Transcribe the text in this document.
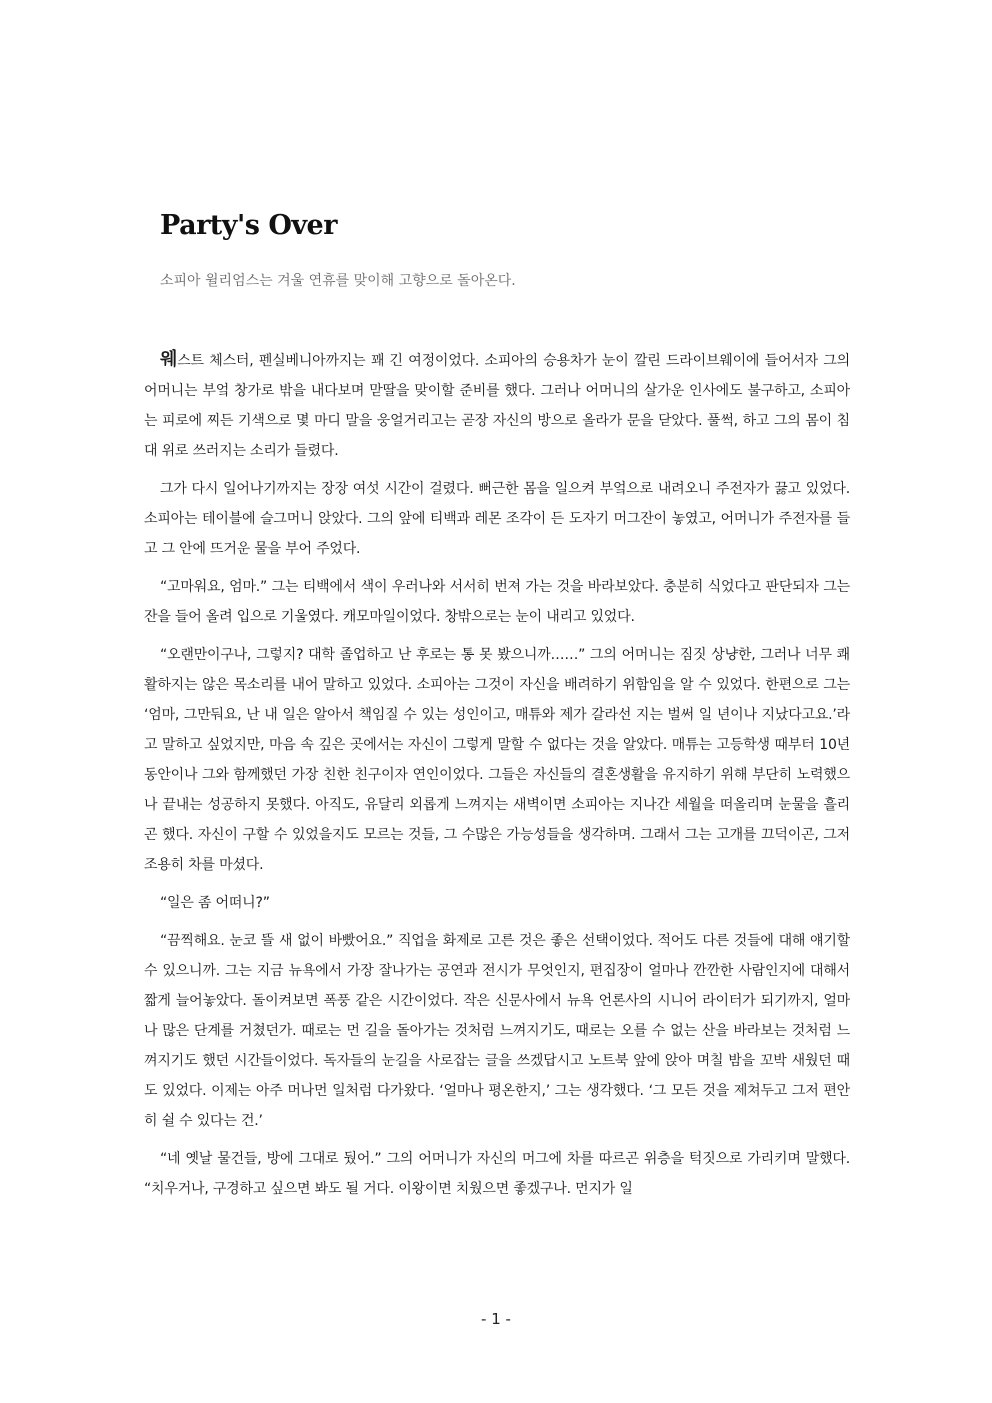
Party's Over

소피아 윌리엄스는 겨울 연휴를 맞이해 고향으로 돌아온다.

웨스트 체스터, 펜실베니아까지는 꽤 긴 여정이었다. 소피아의 승용차가 눈이 깔린 드라이브웨이에 들어서자 그의 어머니는 부엌 창가로 밖을 내다보며 맏딸을 맞이할 준비를 했다. 그러나 어머니의 살가운 인사에도 불구하고, 소피아는 피로에 찌든 기색으로 몇 마디 말을 웅얼거리고는 곧장 자신의 방으로 올라가 문을 닫았다. 풀썩, 하고 그의 몸이 침대 위로 쓰러지는 소리가 들렸다.

그가 다시 일어나기까지는 장장 여섯 시간이 걸렸다. 뻐근한 몸을 일으켜 부엌으로 내려오니 주전자가 끓고 있었다. 소피아는 테이블에 슬그머니 앉았다. 그의 앞에 티백과 레몬 조각이 든 도자기 머그잔이 놓였고, 어머니가 주전자를 들고 그 안에 뜨거운 물을 부어 주었다.

“고마워요, 엄마.” 그는 티백에서 색이 우러나와 서서히 번져 가는 것을 바라보았다. 충분히 식었다고 판단되자 그는 잔을 들어 올려 입으로 기울였다. 캐모마일이었다. 창밖으로는 눈이 내리고 있었다.

“오랜만이구나, 그렇지? 대학 졸업하고 난 후로는 통 못 봤으니까……” 그의 어머니는 짐짓 상냥한, 그러나 너무 쾌활하지는 않은 목소리를 내어 말하고 있었다. 소피아는 그것이 자신을 배려하기 위함임을 알 수 있었다. 한편으로 그는 ‘엄마, 그만둬요, 난 내 일은 알아서 책임질 수 있는 성인이고, 매튜와 제가 갈라선 지는 벌써 일 년이나 지났다고요.’라고 말하고 싶었지만, 마음 속 깊은 곳에서는 자신이 그렇게 말할 수 없다는 것을 알았다. 매튜는 고등학생 때부터 10년 동안이나 그와 함께했던 가장 친한 친구이자 연인이었다. 그들은 자신들의 결혼생활을 유지하기 위해 부단히 노력했으나 끝내는 성공하지 못했다. 아직도, 유달리 외롭게 느껴지는 새벽이면 소피아는 지나간 세월을 떠올리며 눈물을 흘리곤 했다. 자신이 구할 수 있었을지도 모르는 것들, 그 수많은 가능성들을 생각하며. 그래서 그는 고개를 끄덕이곤, 그저 조용히 차를 마셨다.

“일은 좀 어떠니?”

“끔찍해요. 눈코 뜰 새 없이 바빴어요.” 직업을 화제로 고른 것은 좋은 선택이었다. 적어도 다른 것들에 대해 얘기할 수 있으니까. 그는 지금 뉴욕에서 가장 잘나가는 공연과 전시가 무엇인지, 편집장이 얼마나 깐깐한 사람인지에 대해서 짧게 늘어놓았다. 돌이켜보면 폭풍 같은 시간이었다. 작은 신문사에서 뉴욕 언론사의 시니어 라이터가 되기까지, 얼마나 많은 단계를 거쳤던가. 때로는 먼 길을 돌아가는 것처럼 느껴지기도, 때로는 오를 수 없는 산을 바라보는 것처럼 느껴지기도 했던 시간들이었다. 독자들의 눈길을 사로잡는 글을 쓰겠답시고 노트북 앞에 앉아 며칠 밤을 꼬박 새웠던 때도 있었다. 이제는 아주 머나먼 일처럼 다가왔다. ‘얼마나 평온한지,’ 그는 생각했다. ‘그 모든 것을 제쳐두고 그저 편안히 쉴 수 있다는 건.’

“네 옛날 물건들, 방에 그대로 뒀어.” 그의 어머니가 자신의 머그에 차를 따르곤 위층을 턱짓으로 가리키며 말했다. “치우거나, 구경하고 싶으면 봐도 될 거다. 이왕이면 치웠으면 좋겠구나. 먼지가 일

- 1 -
